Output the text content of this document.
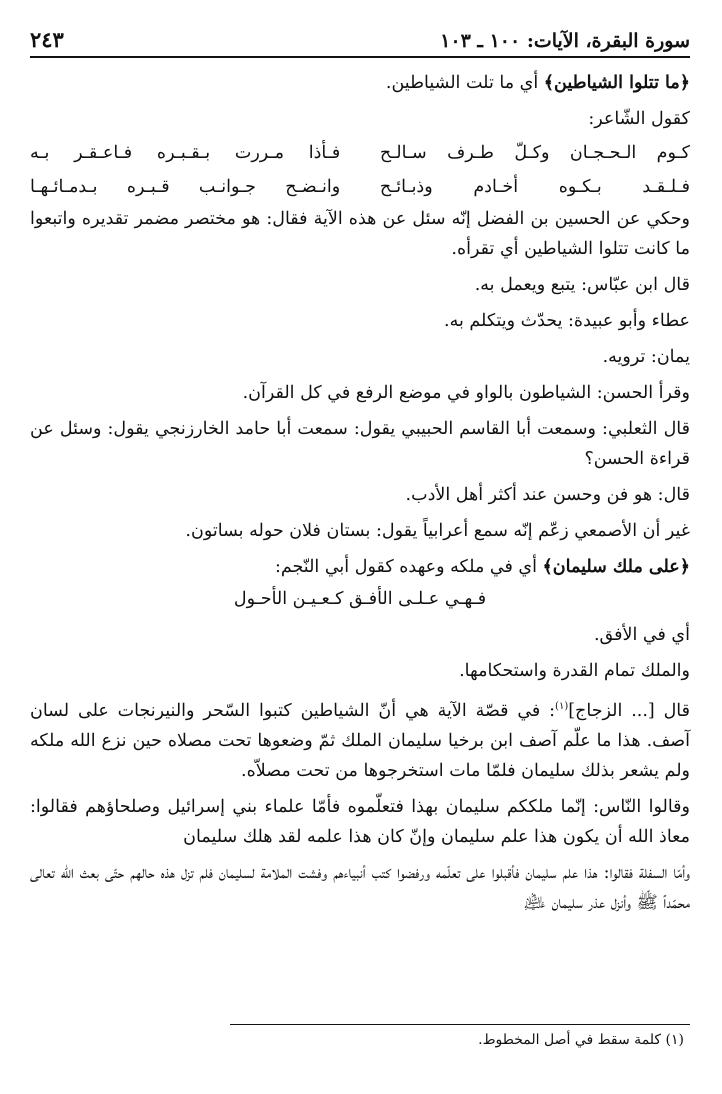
سورة البقرة، الآيات: ١٠٠ ـ ١٠٣
٢٤٣

﴿ما تتلوا الشياطين﴾ أي ما تلت الشياطين.

كقول الشّاعر:

كـوم الـحـجـان وكـلّ طـرف سـالـح
فـأذا مـررت بـقـبـره فـاعـقـر بـه
فـلـقـد بـكـوه أخـادم وذبـائـح
وانـضـح جـوانـب قـبـره بـدمـائـهـا

وحكي عن الحسين بن الفضل إنّه سئل عن هذه الآية فقال: هو مختصر مضمر تقديره واتبعوا ما كانت تتلوا الشياطين أي تقرأه.

قال ابن عبّاس: يتبع ويعمل به.

عطاء وأبو عبيدة: يحدّث ويتكلم به.

يمان: ترويه.

وقرأ الحسن: الشياطون بالواو في موضع الرفع في كل القرآن.

قال الثعلبي: وسمعت أبا القاسم الحبيبي يقول: سمعت أبا حامد الخارزنجي يقول: وسئل عن قراءة الحسن؟

قال: هو فن وحسن عند أكثر أهل الأدب.

غير أن الأصمعي زعّم إنّه سمع أعرابياً يقول: بستان فلان حوله بساتون.

﴿على ملك سليمان﴾ أي في ملكه وعهده كقول أبي النّجم:

فـهـي عـلـى الأفـق كـعـيـن الأحـول

أي في الأفق.

والملك تمام القدرة واستحكامها.

قال [... الزجاج]$^{(١)}$: في قصّة الآية هي أنّ الشياطين كتبوا السّحر والنيرنجات على لسان آصف. هذا ما علّم آصف ابن برخيا سليمان الملك ثمّ وضعوها تحت مصلاه حين نزع الله ملكه ولم يشعر بذلك سليمان فلمّا مات استخرجوها من تحت مصلاّه.

وقالوا النّاس: إنّما ملككم سليمان بهذا فتعلّموه فأمّا علماء بني إسرائيل وصلحاؤهم فقالوا: معاذ الله أن يكون هذا علم سليمان وإنّ كان هذا علمه لقد هلك سليمان

وأمّا السفلة فقالوا: هذا علم سليمان فأقبلوا على تعلّمه ورفضوا كتب أنبياءهم وفشت الملامة لسليمان فلم تزل هذه حالهم حتّى بعث الله تعالى محمّداً ﷺ وأنزل عذر سليمان ﵇

(١) كلمة سقط في أصل المخطوط.
